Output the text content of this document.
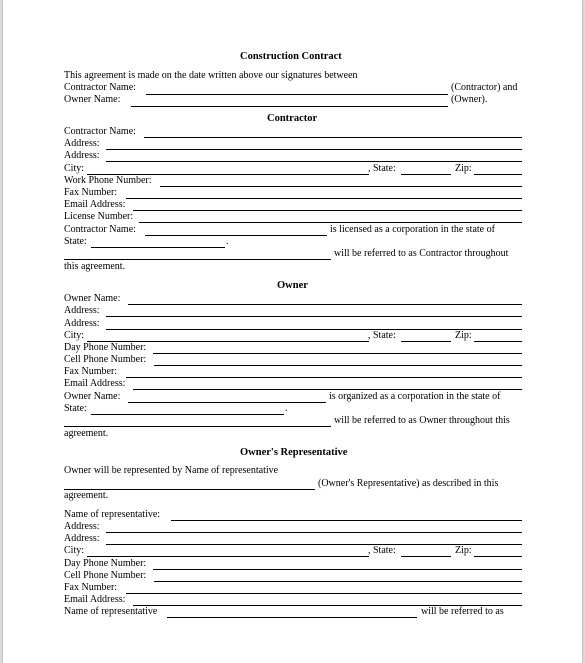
Construction Contract
This agreement is made on the date written above our signatures between
Contractor Name:	(Contractor) and
Owner Name:	(Owner).
Contractor
Contractor Name:
Address:
Address:
City:	, State:	Zip:
Work Phone Number:
Fax Number:
Email Address:
License Number:
Contractor Name:	is licensed as a corporation in the state of
State:	.
will be referred to as Contractor throughout
this agreement.
Owner
Owner Name:
Address:
Address:
City:	, State:	Zip:
Day Phone Number:
Cell Phone Number:
Fax Number:
Email Address:
Owner Name:	is organized as a corporation in the state of
State:	.
will be referred to as Owner throughout this
agreement.
Owner's Representative
Owner will be represented by Name of representative
(Owner's Representative) as described in this
agreement.
Name of representative:
Address:
Address:
City:	, State:	Zip:
Day Phone Number:
Cell Phone Number:
Fax Number:
Email Address:
Name of representative	will be referred to as
